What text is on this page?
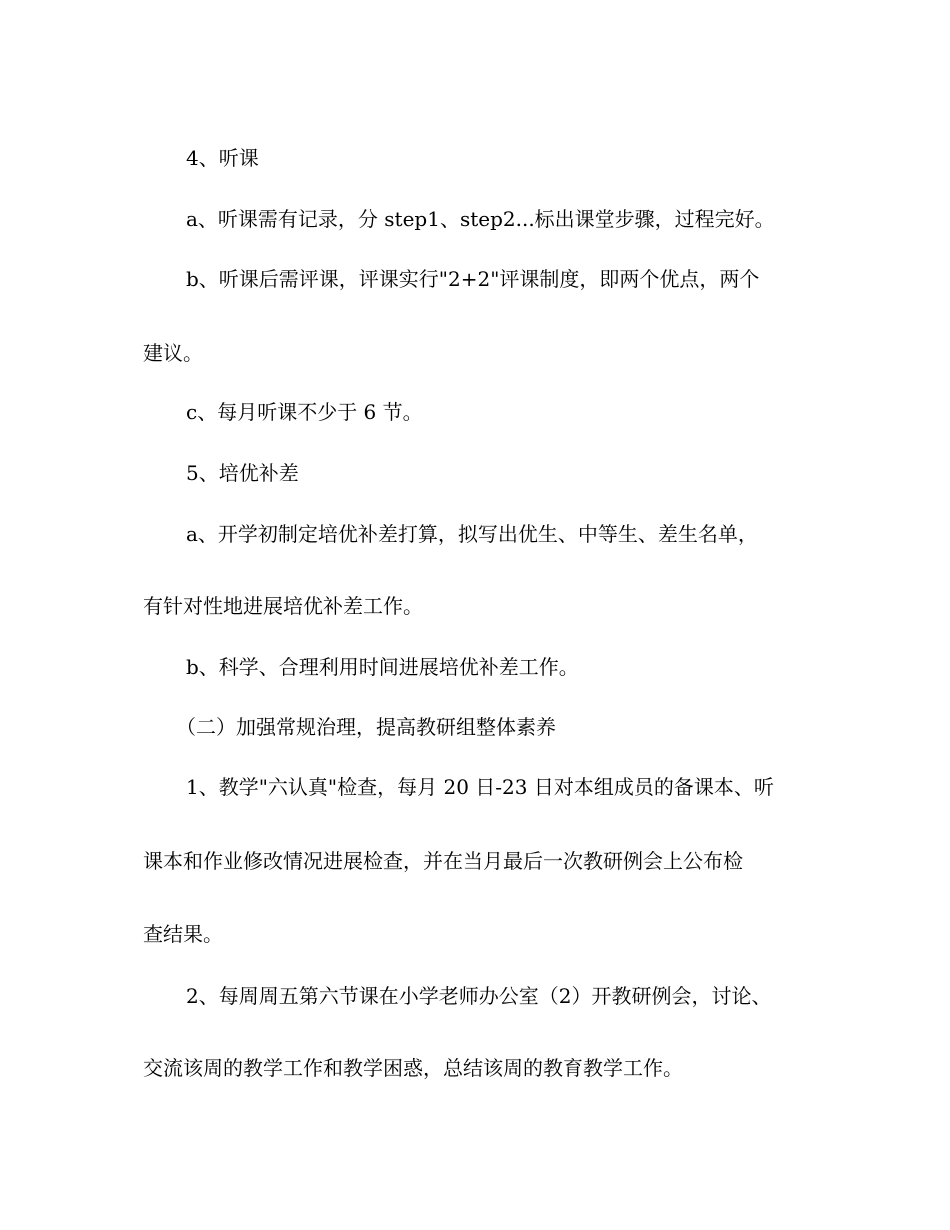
4、听课
a、听课需有记录，分 step1、step2...标出课堂步骤，过程完好。
b、听课后需评课，评课实行"2+2"评课制度，即两个优点，两个
建议。
c、每月听课不少于 6 节。
5、培优补差
a、开学初制定培优补差打算，拟写出优生、中等生、差生名单，
有针对性地进展培优补差工作。
b、科学、合理利用时间进展培优补差工作。
（二）加强常规治理，提高教研组整体素养
1、教学"六认真"检查，每月 20 日-23 日对本组成员的备课本、听
课本和作业修改情况进展检查，并在当月最后一次教研例会上公布检
查结果。
2、每周周五第六节课在小学老师办公室（2）开教研例会，讨论、
交流该周的教学工作和教学困惑，总结该周的教育教学工作。
